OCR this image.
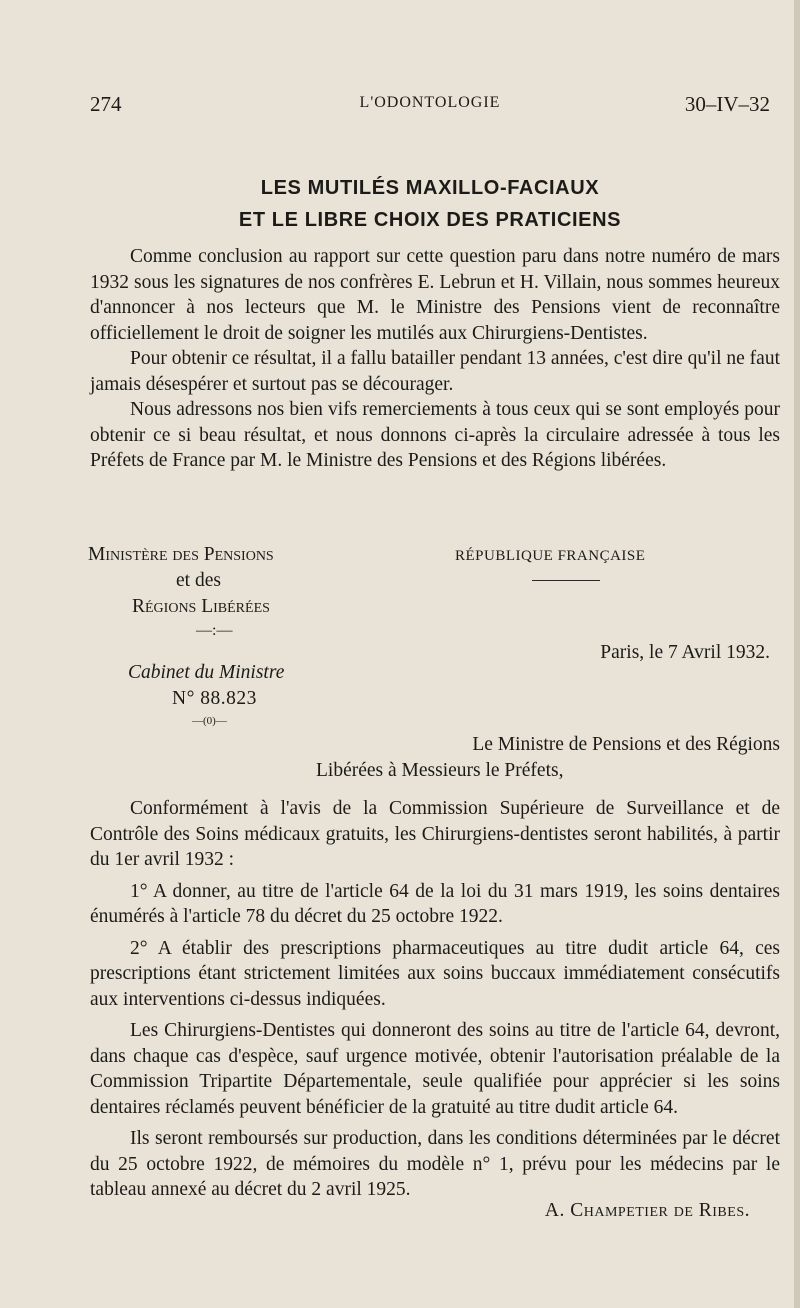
274	L'ODONTOLOGIE	30–IV–32
LES MUTILÉS MAXILLO-FACIAUX
ET LE LIBRE CHOIX DES PRATICIENS

Comme conclusion au rapport sur cette question paru dans notre numéro de mars 1932 sous les signatures de nos confrères E. Lebrun et H. Villain, nous sommes heureux d'annoncer à nos lecteurs que M. le Ministre des Pensions vient de reconnaître officiellement le droit de soigner les mutilés aux Chirurgiens-Dentistes.

Pour obtenir ce résultat, il a fallu batailler pendant 13 années, c'est dire qu'il ne faut jamais désespérer et surtout pas se décourager.

Nous adressons nos bien vifs remerciements à tous ceux qui se sont employés pour obtenir ce si beau résultat, et nous donnons ci-après la circulaire adressée à tous les Préfets de France par M. le Ministre des Pensions et des Régions libérées.

Ministère des Pensions
et des
Régions Libérées
—:—
Cabinet du Ministre
N° 88.823
—(0)—
RÉPUBLIQUE FRANÇAISE
Paris, le 7 Avril 1932.
Le Ministre de Pensions et des Régions
Libérées à Messieurs le Préfets,

Conformément à l'avis de la Commission Supérieure de Surveillance et de Contrôle des Soins médicaux gratuits, les Chirurgiens-dentistes seront habilités, à partir du 1er avril 1932 :

1° A donner, au titre de l'article 64 de la loi du 31 mars 1919, les soins dentaires énumérés à l'article 78 du décret du 25 octobre 1922.

2° A établir des prescriptions pharmaceutiques au titre dudit article 64, ces prescriptions étant strictement limitées aux soins buccaux immédiatement consécutifs aux interventions ci-dessus indiquées.

Les Chirurgiens-Dentistes qui donneront des soins au titre de l'article 64, devront, dans chaque cas d'espèce, sauf urgence motivée, obtenir l'autorisation préalable de la Commission Tripartite Départementale, seule qualifiée pour apprécier si les soins dentaires réclamés peuvent bénéficier de la gratuité au titre dudit article 64.

Ils seront remboursés sur production, dans les conditions déterminées par le décret du 25 octobre 1922, de mémoires du modèle n° 1, prévu pour les médecins par le tableau annexé au décret du 2 avril 1925.

A. Champetier de Ribes.
